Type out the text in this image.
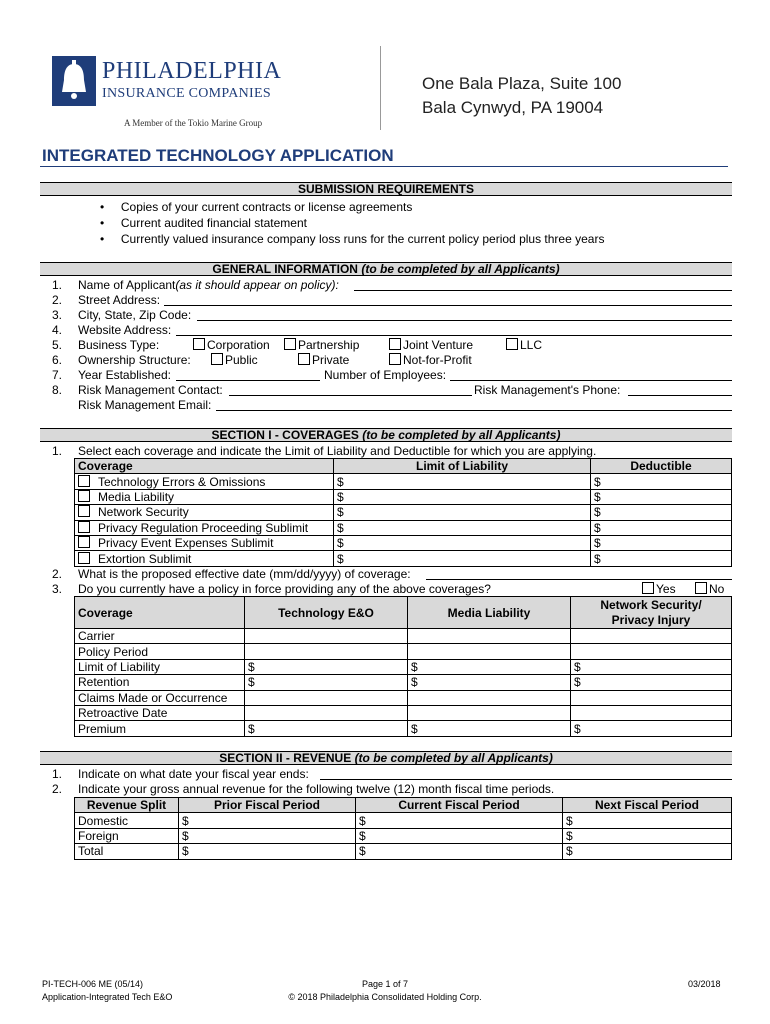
PHILADELPHIA
INSURANCE COMPANIES
A Member of the Tokio Marine Group
One Bala Plaza, Suite 100
Bala Cynwyd, PA 19004
INTEGRATED TECHNOLOGY APPLICATION
SUBMISSION REQUIREMENTS
•     Copies of your current contracts or license agreements
•     Current audited financial statement
•     Currently valued insurance company loss runs for the current policy period plus three years
GENERAL INFORMATION (to be completed by all Applicants)
1. Name of Applicant(as it should appear on policy):
2. Street Address:
3. City, State, Zip Code:
4. Website Address:
5. Business Type:	Corporation	Partnership	Joint Venture	LLC
6. Ownership Structure:	Public	Private	Not-for-Profit
7. Year Established:	Number of Employees:
8. Risk Management Contact:	Risk Management's Phone:
Risk Management Email:
SECTION I - COVERAGES (to be completed by all Applicants)
1. Select each coverage and indicate the Limit of Liability and Deductible for which you are applying.
Coverage	Limit of Liability	Deductible
Technology Errors & Omissions	$	$
Media Liability	$	$
Network Security	$	$
Privacy Regulation Proceeding Sublimit	$	$
Privacy Event Expenses Sublimit	$	$
Extortion Sublimit	$	$
2. What is the proposed effective date (mm/dd/yyyy) of coverage:
3. Do you currently have a policy in force providing any of the above coverages?	Yes	No
Coverage	Technology E&O	Media Liability	Network Security/
Privacy Injury
Carrier			
Policy Period			
Limit of Liability	$	$	$
Retention	$	$	$
Claims Made or Occurrence			
Retroactive Date			
Premium	$	$	$
SECTION II - REVENUE (to be completed by all Applicants)
1. Indicate on what date your fiscal year ends:
2. Indicate your gross annual revenue for the following twelve (12) month fiscal time periods.
Revenue Split	Prior Fiscal Period	Current Fiscal Period	Next Fiscal Period
Domestic	$	$	$
Foreign	$	$	$
Total	$	$	$
PI-TECH-006 ME (05/14)
Application-Integrated Tech E&O
Page 1 of 7
© 2018 Philadelphia Consolidated Holding Corp.
03/2018
